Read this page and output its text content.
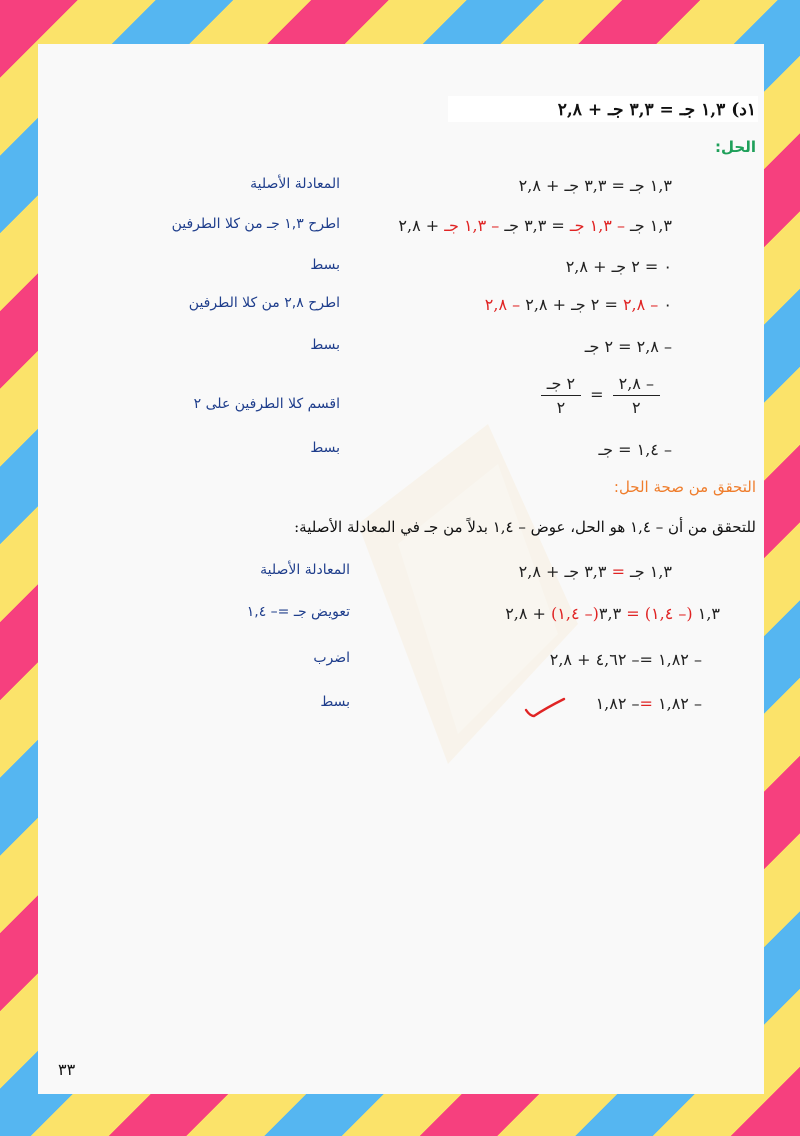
١د) ١,٣ جـ = ٣,٣ جـ + ٢,٨
الحل:
١,٣ جـ = ٣,٣ جـ + ٢,٨
المعادلة الأصلية
١,٣ جـ – ١,٣ جـ = ٣,٣ جـ – ١,٣ جـ + ٢,٨
اطرح ١,٣ جـ من كلا الطرفين
٠ = ٢ جـ + ٢,٨
بسط
٠ – ٢,٨ = ٢ جـ + ٢,٨ – ٢,٨
اطرح ٢,٨ من كلا الطرفين
– ٢,٨ = ٢ جـ
بسط
$\frac{- ٢,٨}{٢}$
=
$\frac{\text{٢ جـ}}{٢}$
اقسم كلا الطرفين على ٢
– ١,٤ = جـ
بسط
التحقق من صحة الحل:
للتحقق من أن – ١,٤ هو الحل، عوض – ١,٤ بدلاً من جـ في المعادلة الأصلية:
١,٣ جـ = ٣,٣ جـ + ٢,٨
المعادلة الأصلية
١,٣ (– ١,٤) = ٣,٣(– ١,٤) + ٢,٨
تعويض جـ =– ١,٤
– ١,٨٢ =– ٤,٦٢ + ٢,٨
اضرب
– ١,٨٢ =– ١,٨٢
بسط
٣٣
